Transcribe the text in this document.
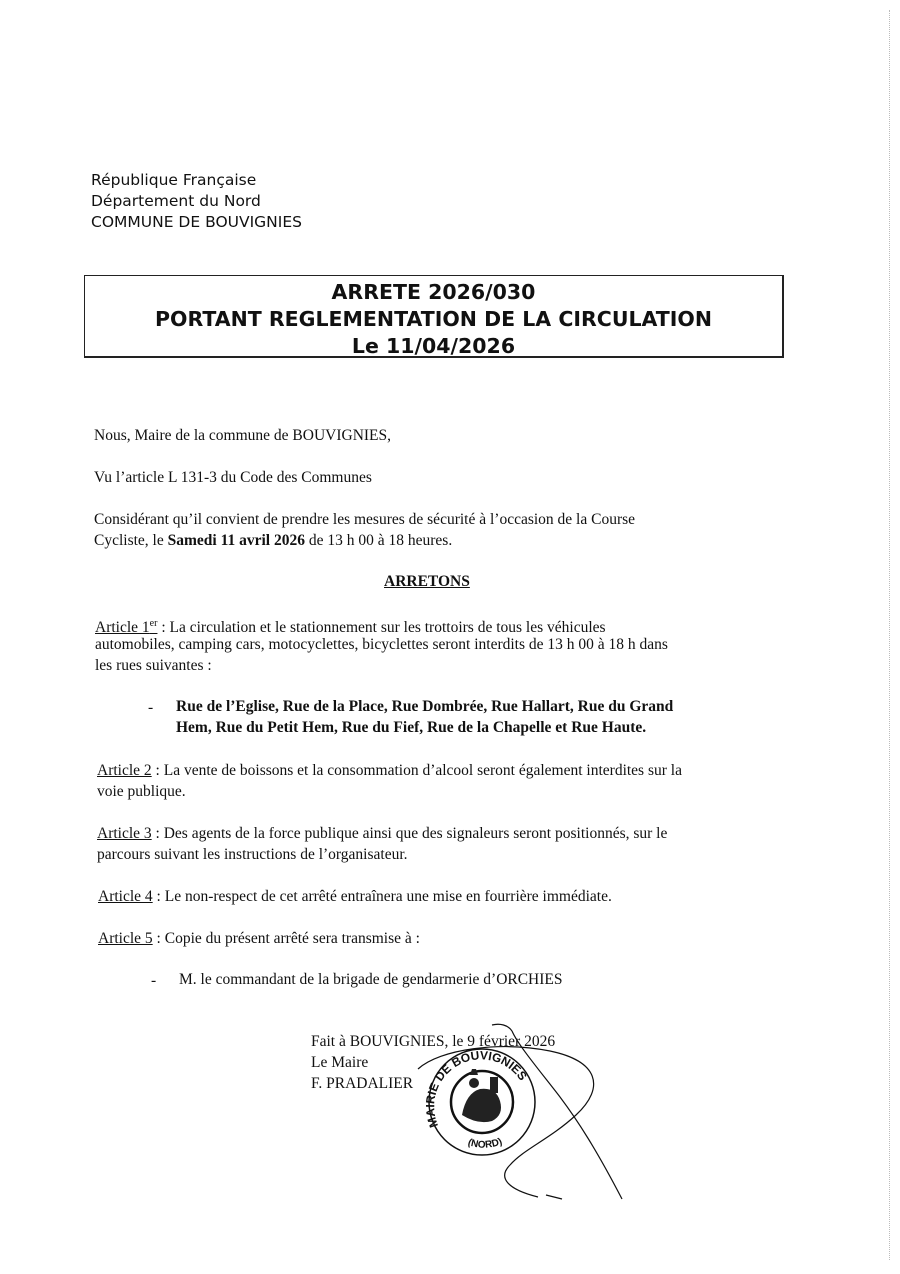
République Française
Département du Nord
COMMUNE DE BOUVIGNIES
ARRETE 2026/030
PORTANT REGLEMENTATION DE LA CIRCULATION
Le 11/04/2026
Nous, Maire de la commune de BOUVIGNIES,
Vu l’article L 131-3 du Code des Communes
Considérant qu’il convient de prendre les mesures de sécurité à l’occasion de la Course
Cycliste, le Samedi 11 avril 2026 de 13 h 00 à 18 heures.
ARRETONS
Article 1er : La circulation et le stationnement sur les trottoirs de tous les véhicules
automobiles, camping cars, motocyclettes, bicyclettes seront interdits de 13 h 00 à 18 h dans
les rues suivantes :
- Rue de l’Eglise, Rue de la Place, Rue Dombrée, Rue Hallart, Rue du Grand
Hem, Rue du Petit Hem, Rue du Fief, Rue de la Chapelle et Rue Haute.
Article 2 : La vente de boissons et la consommation d’alcool seront également interdites sur la
voie publique.
Article 3 : Des agents de la force publique ainsi que des signaleurs seront positionnés, sur le
parcours suivant les instructions de l’organisateur.
Article 4 : Le non-respect de cet arrêté entraînera une mise en fourrière immédiate.
Article 5 : Copie du présent arrêté sera transmise à :
- M. le commandant de la brigade de gendarmerie d’ORCHIES
Fait à BOUVIGNIES, le 9 février 2026
Le Maire
F. PRADALIER
MAIRIE DE BOUVIGNIES
(NORD)
